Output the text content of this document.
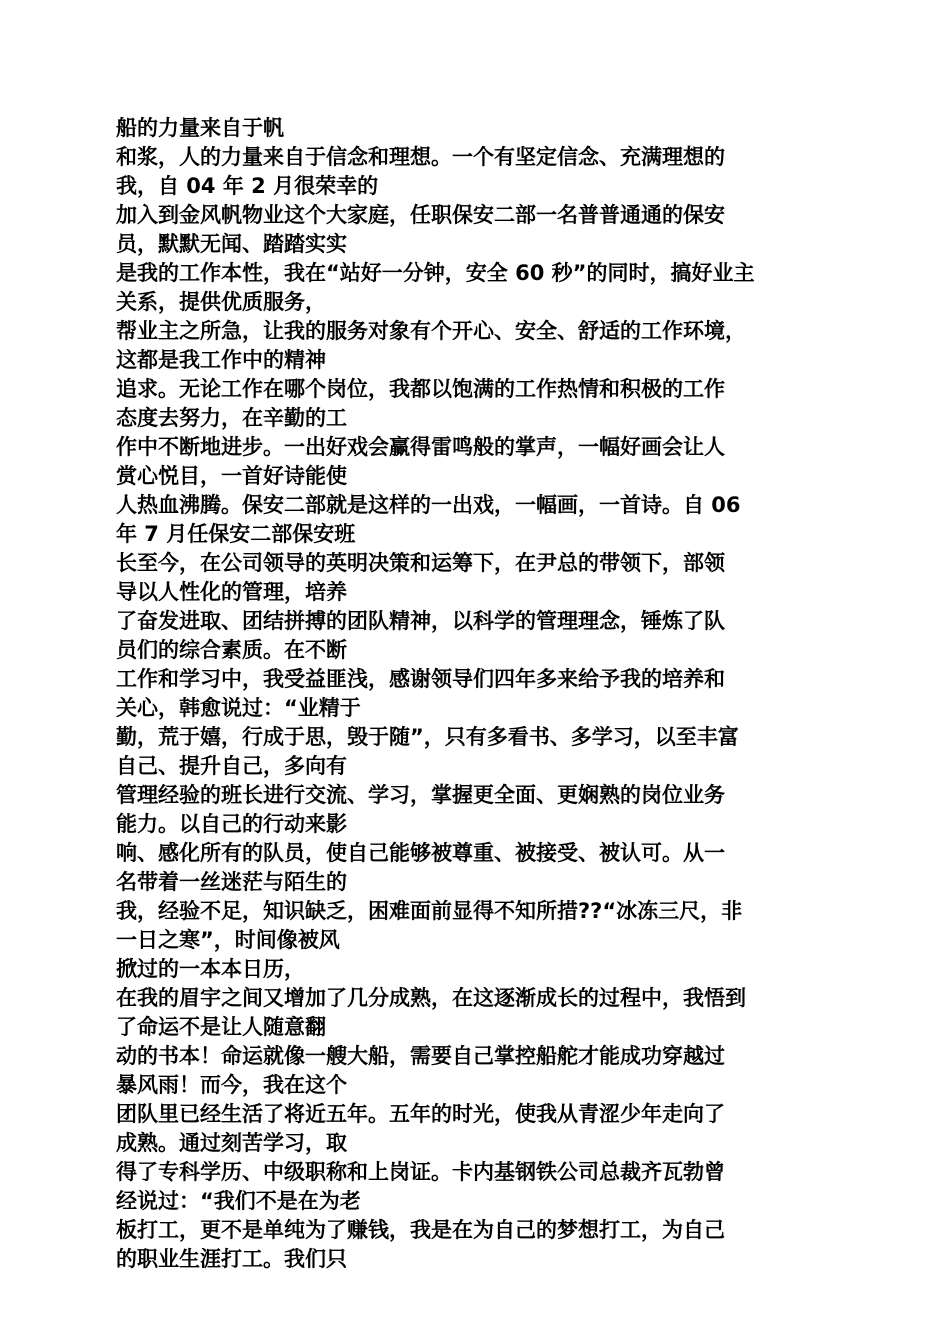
船的力量来自于帆
和浆，人的力量来自于信念和理想。一个有坚定信念、充满理想的
我，自 04 年 2 月很荣幸的
加入到金风帆物业这个大家庭，任职保安二部一名普普通通的保安
员，默默无闻、踏踏实实
是我的工作本性，我在“站好一分钟，安全 60 秒”的同时，搞好业主
关系，提供优质服务，
帮业主之所急，让我的服务对象有个开心、安全、舒适的工作环境，
这都是我工作中的精神
追求。无论工作在哪个岗位，我都以饱满的工作热情和积极的工作
态度去努力，在辛勤的工
作中不断地进步。一出好戏会赢得雷鸣般的掌声，一幅好画会让人
赏心悦目，一首好诗能使
人热血沸腾。保安二部就是这样的一出戏，一幅画，一首诗。自 06
年 7 月任保安二部保安班
长至今，在公司领导的英明决策和运筹下，在尹总的带领下，部领
导以人性化的管理，培养
了奋发进取、团结拼搏的团队精神，以科学的管理理念，锤炼了队
员们的综合素质。在不断
工作和学习中，我受益匪浅，感谢领导们四年多来给予我的培养和
关心，韩愈说过：“业精于
勤，荒于嬉，行成于思，毁于随”，只有多看书、多学习，以至丰富
自己、提升自己，多向有
管理经验的班长进行交流、学习，掌握更全面、更娴熟的岗位业务
能力。以自己的行动来影
响、感化所有的队员，使自己能够被尊重、被接受、被认可。从一
名带着一丝迷茫与陌生的
我，经验不足，知识缺乏，困难面前显得不知所措??“冰冻三尺，非
一日之寒”，时间像被风
掀过的一本本日历，
在我的眉宇之间又增加了几分成熟，在这逐渐成长的过程中，我悟到
了命运不是让人随意翻
动的书本！命运就像一艘大船，需要自己掌控船舵才能成功穿越过
暴风雨！而今，我在这个
团队里已经生活了将近五年。五年的时光，使我从青涩少年走向了
成熟。通过刻苦学习，取
得了专科学历、中级职称和上岗证。卡内基钢铁公司总裁齐瓦勃曾
经说过：“我们不是在为老
板打工，更不是单纯为了赚钱，我是在为自己的梦想打工，为自己
的职业生涯打工。我们只
